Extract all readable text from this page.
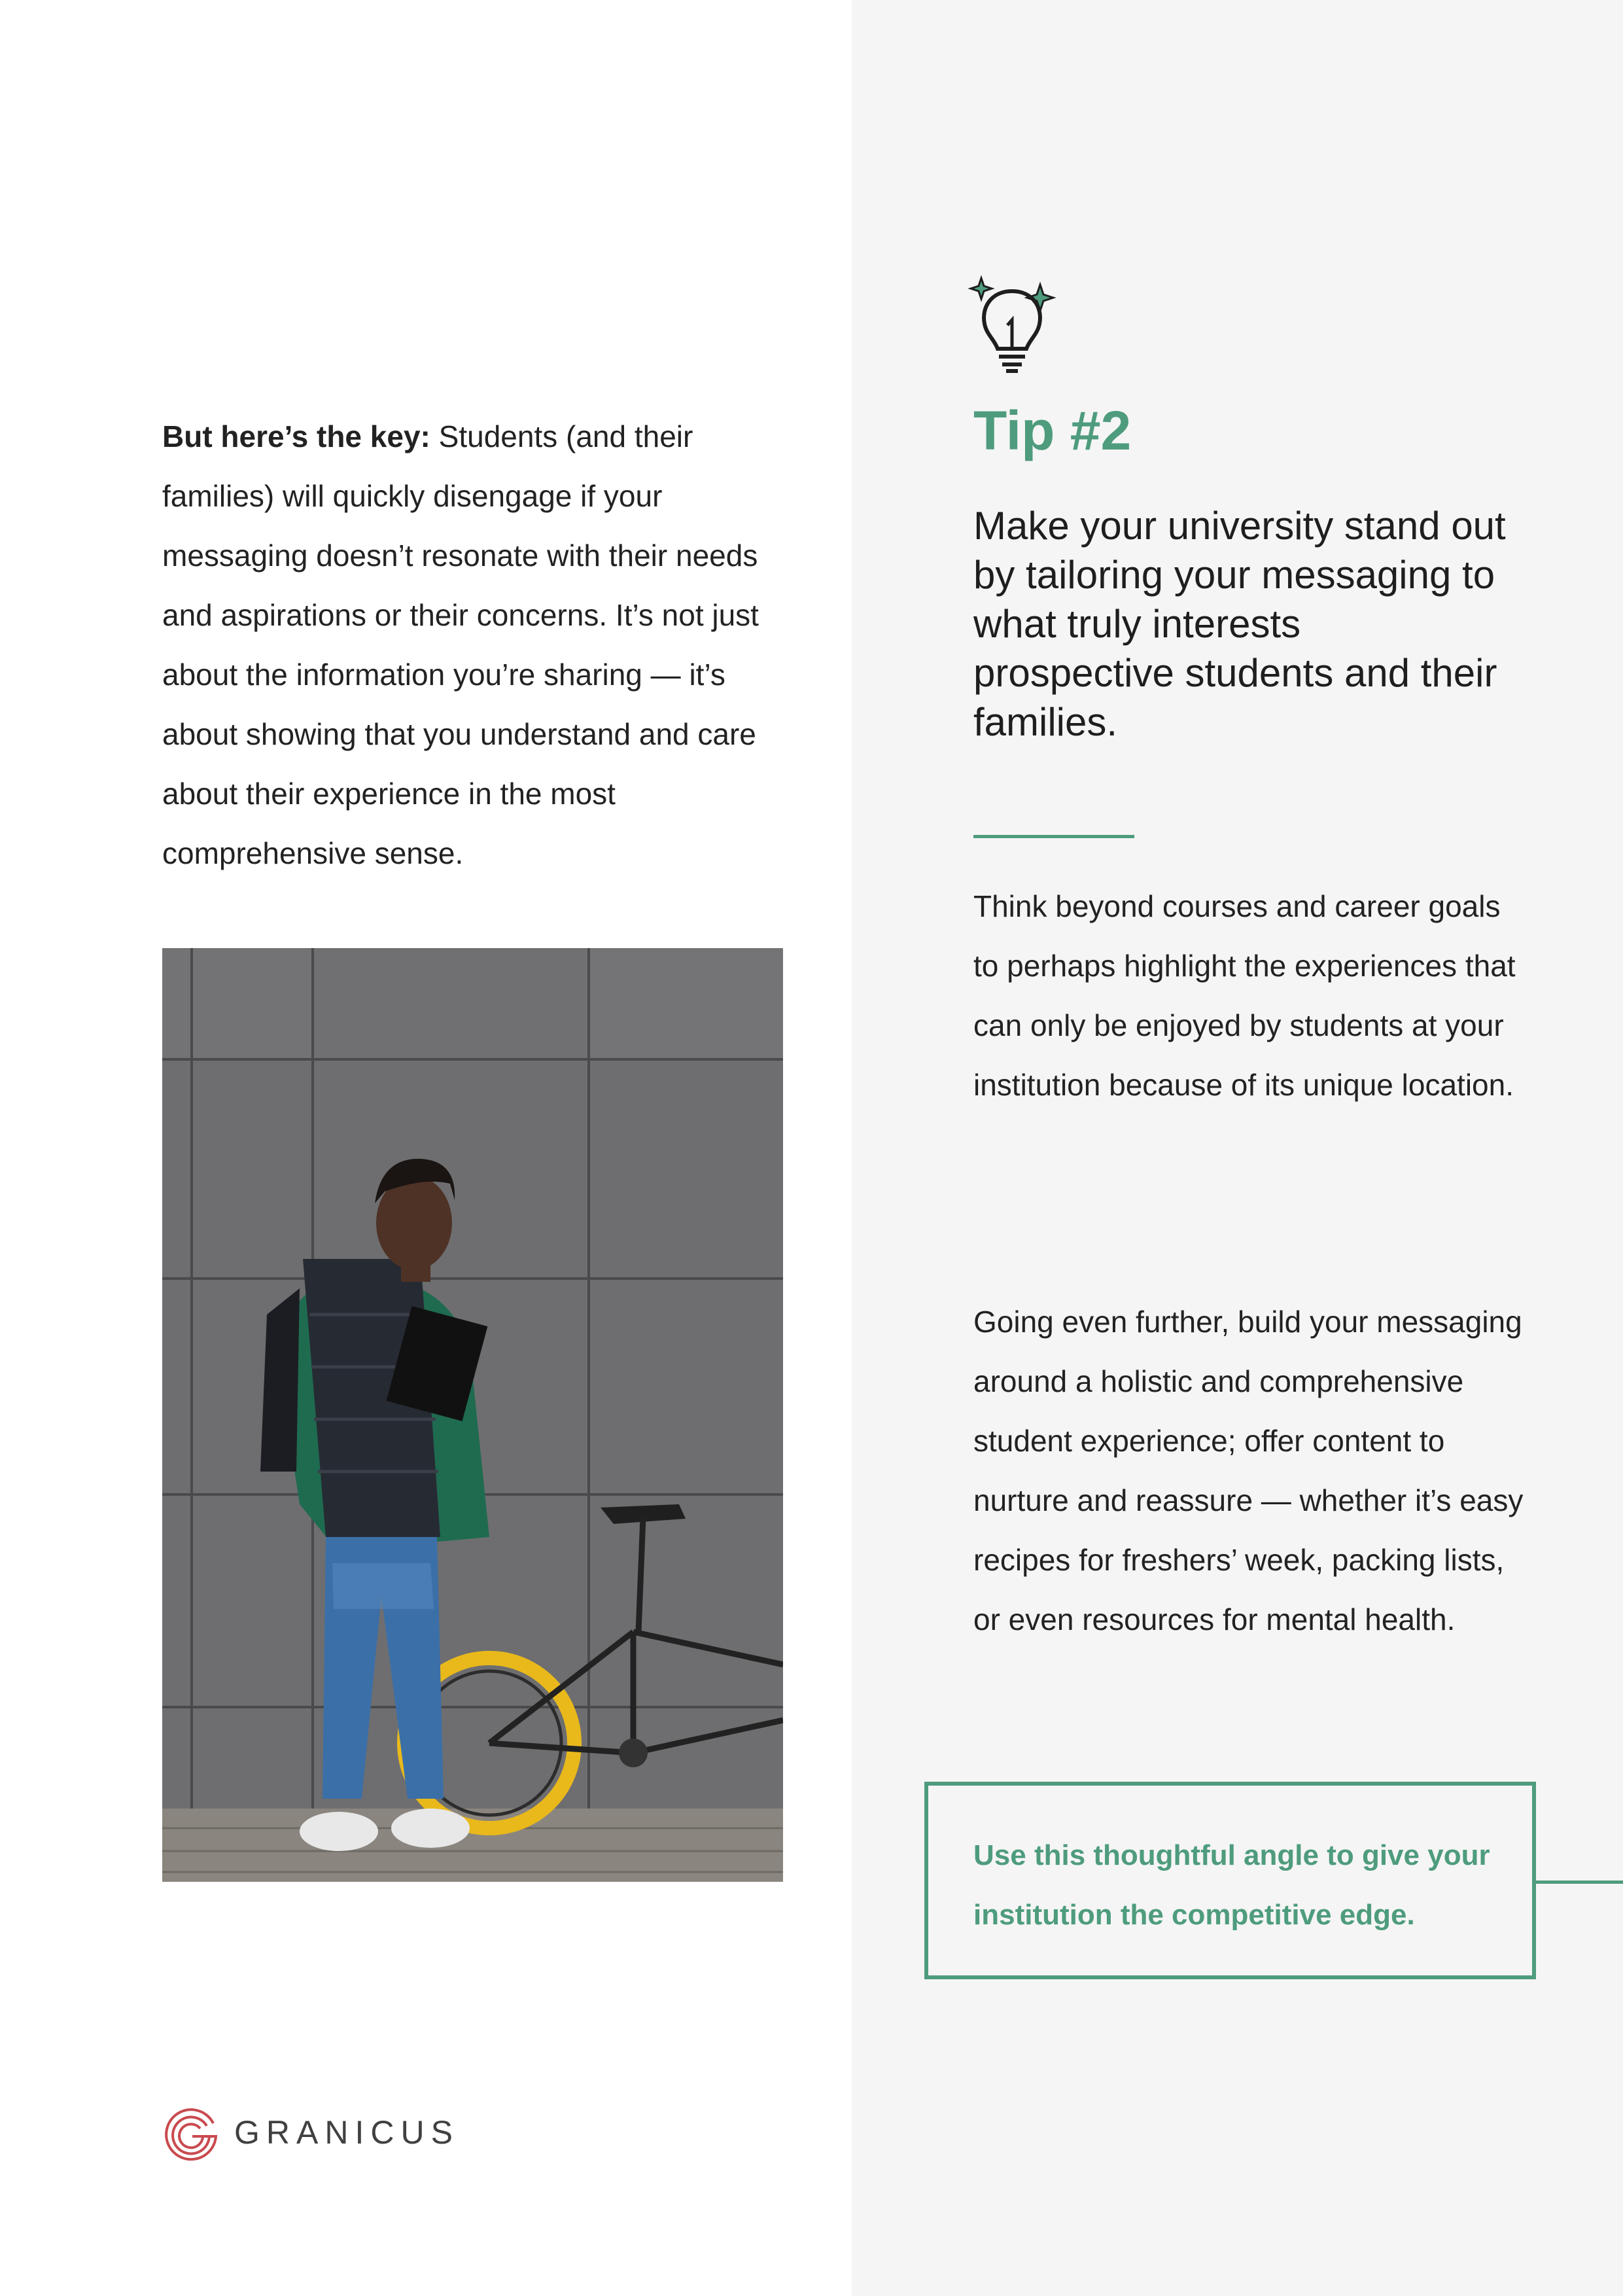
But here’s the key: Students (and their families) will quickly disengage if your messaging doesn’t resonate with their needs and aspirations or their concerns. It’s not just about the information you’re sharing — it’s about showing that you understand and care about their experience in the most comprehensive sense.

GRANICUS
Tip #2
Make your university stand out by tailoring your messaging to what truly interests prospective students and their families.

Think beyond courses and career goals to perhaps highlight the experiences that can only be enjoyed by students at your institution because of its unique location.

Going even further, build your messaging around a holistic and comprehensive student experience; offer content to nurture and reassure — whether it’s easy recipes for freshers’ week, packing lists, or even resources for mental health.

Use this thoughtful angle to give your institution the competitive edge.
